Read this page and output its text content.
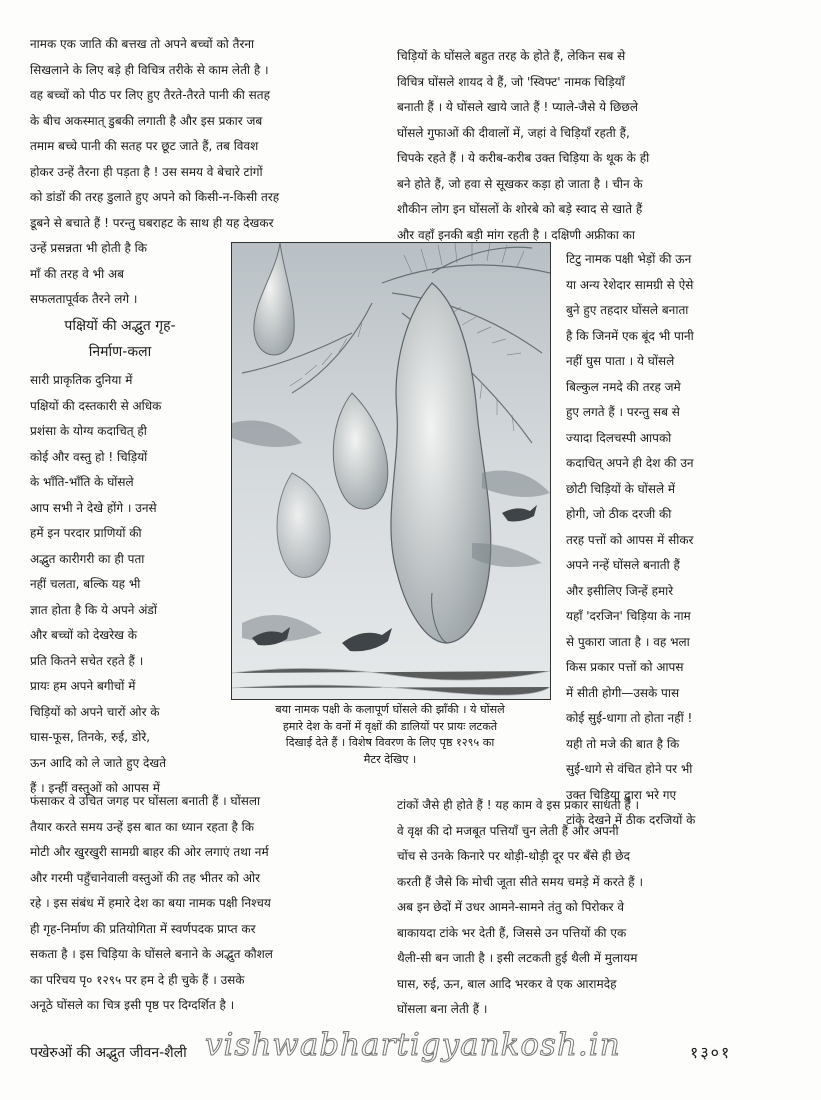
नामक एक जाति की बत्तख तो अपने बच्चों को तैरना
सिखलाने के लिए बड़े ही विचित्र तरीके से काम लेती है ।
वह बच्चों को पीठ पर लिए हुए तैरते-तैरते पानी की सतह
के बीच अकस्मात् डुबकी लगाती है और इस प्रकार जब
तमाम बच्चे पानी की सतह पर छूट जाते हैं, तब विवश
होकर उन्हें तैरना ही पड़ता है ! उस समय वे बेचारे टांगों
को डांडों की तरह डुलाते हुए अपने को किसी-न-किसी तरह
डूबने से बचाते हैं ! परन्तु घबराहट के साथ ही यह देखकर
उन्हें प्रसन्नता भी होती है कि
माँ की तरह वे भी अब
सफलतापूर्वक तैरने लगे ।
पक्षियों की अद्भुत गृह-
निर्माण-कला
सारी प्राकृतिक दुनिया में
पक्षियों की दस्तकारी से अधिक
प्रशंसा के योग्य कदाचित् ही
कोई और वस्तु हो ! चिड़ियों
के भाँति-भाँति के घोंसले
आप सभी ने देखे होंगे । उनसे
हमें इन परदार प्राणियों की
अद्भुत कारीगरी का ही पता
नहीं चलता, बल्कि यह भी
ज्ञात होता है कि ये अपने अंडों
और बच्चों को देखरेख के
प्रति कितने सचेत रहते हैं ।
प्रायः हम अपने बगीचों में
चिड़ियों को अपने चारों ओर के
घास-फूस, तिनके, रुई, डोरे,
ऊन आदि को ले जाते हुए देखते
हैं । इन्हीं वस्तुओं को आपस में
फंसाकर वे उचित जगह पर घोंसला बनाती हैं । घोंसला
तैयार करते समय उन्हें इस बात का ध्यान रहता है कि
मोटी और खुरखुरी सामग्री बाहर की ओर लगाएं तथा नर्म
और गरमी पहुँचानेवाली वस्तुओं की तह भीतर को ओर
रहे । इस संबंध में हमारे देश का बया नामक पक्षी निश्चय
ही गृह-निर्माण की प्रतियोगिता में स्वर्णपदक प्राप्त कर
सकता है । इस चिड़िया के घोंसले बनाने के अद्भुत कौशल
का परिचय पृ० १२९५ पर हम दे ही चुके हैं । उसके
अनूठे घोंसले का चित्र इसी पृष्ठ पर दिग्दर्शित है ।
चिड़ियों के घोंसले बहुत तरह के होते हैं, लेकिन सब से
विचित्र घोंसले शायद वे हैं, जो 'स्विफ्ट' नामक चिड़ियाँ
बनाती हैं । ये घोंसले खाये जाते हैं ! प्याले-जैसे ये छिछले
घोंसले गुफाओं की दीवालों में, जहां वे चिड़ियाँ रहती हैं,
चिपके रहते हैं । ये करीब-करीब उक्त चिड़िया के थूक के ही
बने होते हैं, जो हवा से सूखकर कड़ा हो जाता है । चीन के
शौकीन लोग इन घोंसलों के शोरबे को बड़े स्वाद से खाते हैं
और वहाँ इनकी बड़ी मांग रहती है । दक्षिणी अफ्रीका का
टिटु नामक पक्षी भेड़ों की ऊन
या अन्य रेशेदार सामग्री से ऐसे
बुने हुए तहदार घोंसले बनाता
है कि जिनमें एक बूंद भी पानी
नहीं घुस पाता । ये घोंसले
बिल्कुल नमदे की तरह जमे
हुए लगते हैं । परन्तु सब से
ज्यादा दिलचस्पी आपको
कदाचित् अपने ही देश की उन
छोटी चिड़ियों के घोंसले में
होगी, जो ठीक दरजी की
तरह पत्तों को आपस में सीकर
अपने नन्हें घोंसले बनाती हैं
और इसीलिए जिन्हें हमारे
यहाँ 'दरजिन' चिड़िया के नाम
से पुकारा जाता है । वह भला
किस प्रकार पत्तों को आपस
में सीती होगी—उसके पास
कोई सुई-धागा तो होता नहीं !
यही तो मजे की बात है कि
सुई-धागे से वंचित होने पर भी
उक्त चिड़िया द्वारा भरे गए
टांके देखने में ठीक दरजियों के
टांकों जैसे ही होते हैं ! यह काम वे इस प्रकार साधती हैं ।
वे वृक्ष की दो मजबूत पत्तियाँ चुन लेती हैं और अपनी
चोंच से उनके किनारे पर थोड़ी-थोड़ी दूर पर बँसे ही छेद
करती हैं जैसे कि मोची जूता सीते समय चमड़े में करते हैं ।
अब इन छेदों में उधर आमने-सामने तंतु को पिरोकर वे
बाकायदा टांके भर देती हैं, जिससे उन पत्तियों की एक
थैली-सी बन जाती है । इसी लटकती हुई थैली में मुलायम
घास, रुई, ऊन, बाल आदि भरकर वे एक आरामदेह
घोंसला बना लेती हैं ।
बया नामक पक्षी के कलापूर्ण घोंसले की झाँकी । ये घोंसले
हमारे देश के वनों में वृक्षों की डालियों पर प्रायः लटकते
दिखाई देते हैं । विशेष विवरण के लिए पृष्ठ १२९५ का
मैटर देखिए ।
vishwabhartigyankosh.in
पखेरुओं की अद्भुत जीवन-शैली	१३०१
